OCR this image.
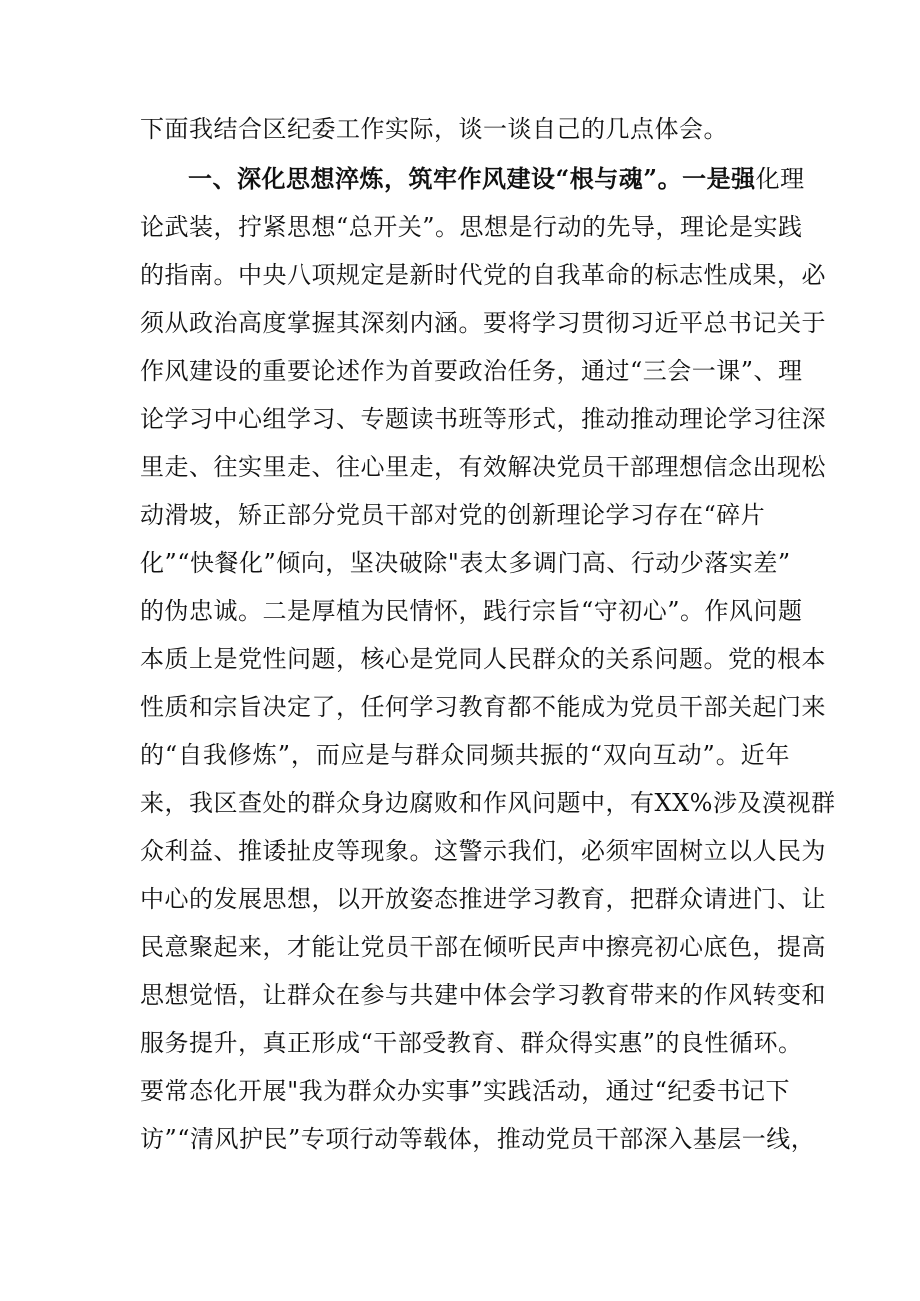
下面我结合区纪委工作实际，谈一谈自己的几点体会。
一、深化思想淬炼，筑牢作风建设“根与魂”。一是强化理
论武装，拧紧思想“总开关”。思想是行动的先导，理论是实践
的指南。中央八项规定是新时代党的自我革命的标志性成果，必
须从政治高度掌握其深刻内涵。要将学习贯彻习近平总书记关于
作风建设的重要论述作为首要政治任务，通过“三会一课”、理
论学习中心组学习、专题读书班等形式，推动推动理论学习往深
里走、往实里走、往心里走，有效解决党员干部理想信念出现松
动滑坡，矫正部分党员干部对党的创新理论学习存在“碎片
化”“快餐化”倾向，坚决破除"表太多调门高、行动少落实差”
的伪忠诚。二是厚植为民情怀，践行宗旨“守初心”。作风问题
本质上是党性问题，核心是党同人民群众的关系问题。党的根本
性质和宗旨决定了，任何学习教育都不能成为党员干部关起门来
的“自我修炼”，而应是与群众同频共振的“双向互动”。近年
来，我区查处的群众身边腐败和作风问题中，有XX%涉及漠视群
众利益、推诿扯皮等现象。这警示我们，必须牢固树立以人民为
中心的发展思想，以开放姿态推进学习教育，把群众请进门、让
民意聚起来，才能让党员干部在倾听民声中擦亮初心底色，提高
思想觉悟，让群众在参与共建中体会学习教育带来的作风转变和
服务提升，真正形成“干部受教育、群众得实惠”的良性循环。
要常态化开展"我为群众办实事”实践活动，通过“纪委书记下
访”“清风护民”专项行动等载体，推动党员干部深入基层一线，
